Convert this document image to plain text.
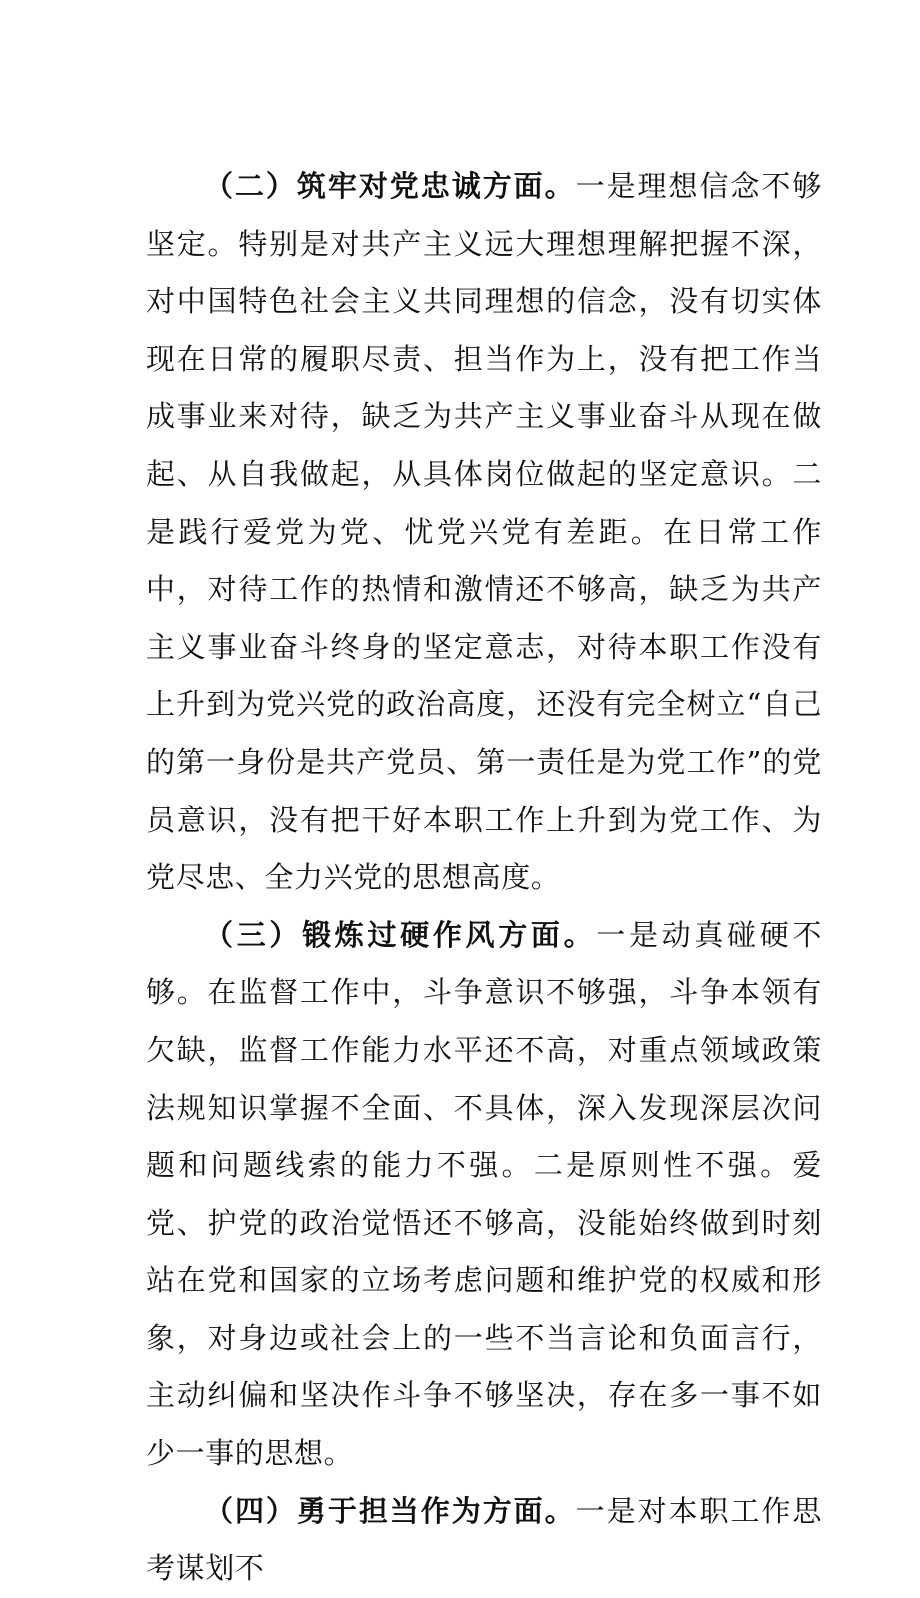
（二）筑牢对党忠诚方面。一是理想信念不够坚定。特别是对共产主义远大理想理解把握不深，对中国特色社会主义共同理想的信念，没有切实体现在日常的履职尽责、担当作为上，没有把工作当成事业来对待，缺乏为共产主义事业奋斗从现在做起、从自我做起，从具体岗位做起的坚定意识。二是践行爱党为党、忧党兴党有差距。在日常工作中，对待工作的热情和激情还不够高，缺乏为共产主义事业奋斗终身的坚定意志，对待本职工作没有上升到为党兴党的政治高度，还没有完全树立“自己的第一身份是共产党员、第一责任是为党工作”的党员意识，没有把干好本职工作上升到为党工作、为党尽忠、全力兴党的思想高度。

（三）锻炼过硬作风方面。一是动真碰硬不够。在监督工作中，斗争意识不够强，斗争本领有欠缺，监督工作能力水平还不高，对重点领域政策法规知识掌握不全面、不具体，深入发现深层次问题和问题线索的能力不强。二是原则性不强。爱党、护党的政治觉悟还不够高，没能始终做到时刻站在党和国家的立场考虑问题和维护党的权威和形象，对身边或社会上的一些不当言论和负面言行，主动纠偏和坚决作斗争不够坚决，存在多一事不如少一事的思想。

（四）勇于担当作为方面。一是对本职工作思考谋划不
